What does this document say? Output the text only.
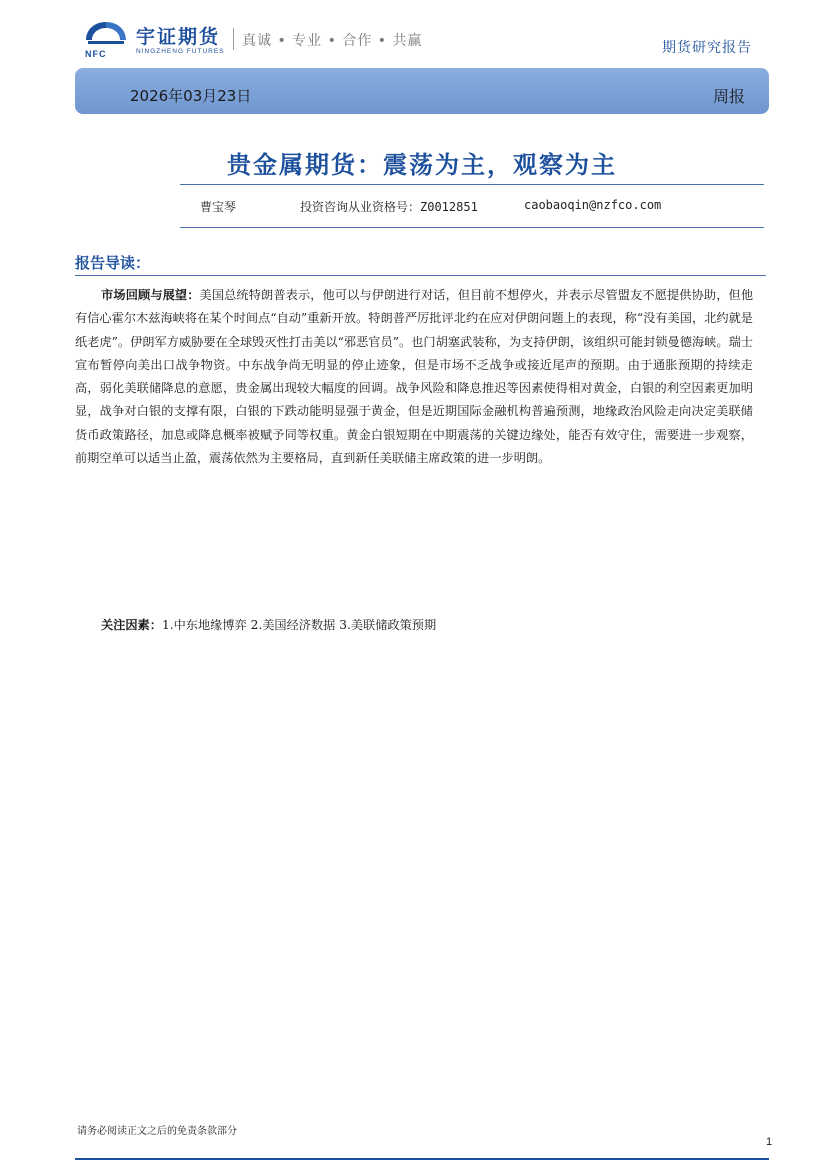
NFC
宇证期货
NINGZHENG FUTURES
真诚 • 专业 • 合作 • 共赢	期货研究报告
2026年03月23日	周报
贵金属期货：震荡为主，观察为主
曹宝琴	投资咨询从业资格号：Z0012851	caobaoqin@nzfco.com
报告导读：
市场回顾与展望：美国总统特朗普表示，他可以与伊朗进行对话，但目前不想停火，并表示尽管盟友不愿提供协助，但他有信心霍尔木兹海峡将在某个时间点“自动”重新开放。特朗普严厉批评北约在应对伊朗问题上的表现，称“没有美国，北约就是纸老虎”。伊朗军方威胁要在全球毁灭性打击美以“邪恶官员”。也门胡塞武装称，为支持伊朗，该组织可能封锁曼德海峡。瑞士宣布暂停向美出口战争物资。中东战争尚无明显的停止迹象，但是市场不乏战争或接近尾声的预期。由于通胀预期的持续走高，弱化美联储降息的意愿，贵金属出现较大幅度的回调。战争风险和降息推迟等因素使得相对黄金，白银的利空因素更加明显，战争对白银的支撑有限，白银的下跌动能明显强于黄金，但是近期国际金融机构普遍预测，地缘政治风险走向决定美联储货币政策路径，加息或降息概率被赋予同等权重。黄金白银短期在中期震荡的关键边缘处，能否有效守住，需要进一步观察，前期空单可以适当止盈，震荡依然为主要格局，直到新任美联储主席政策的进一步明朗。
关注因素：1.中东地缘博弈 2.美国经济数据 3.美联储政策预期
请务必阅读正文之后的免责条款部分
1
